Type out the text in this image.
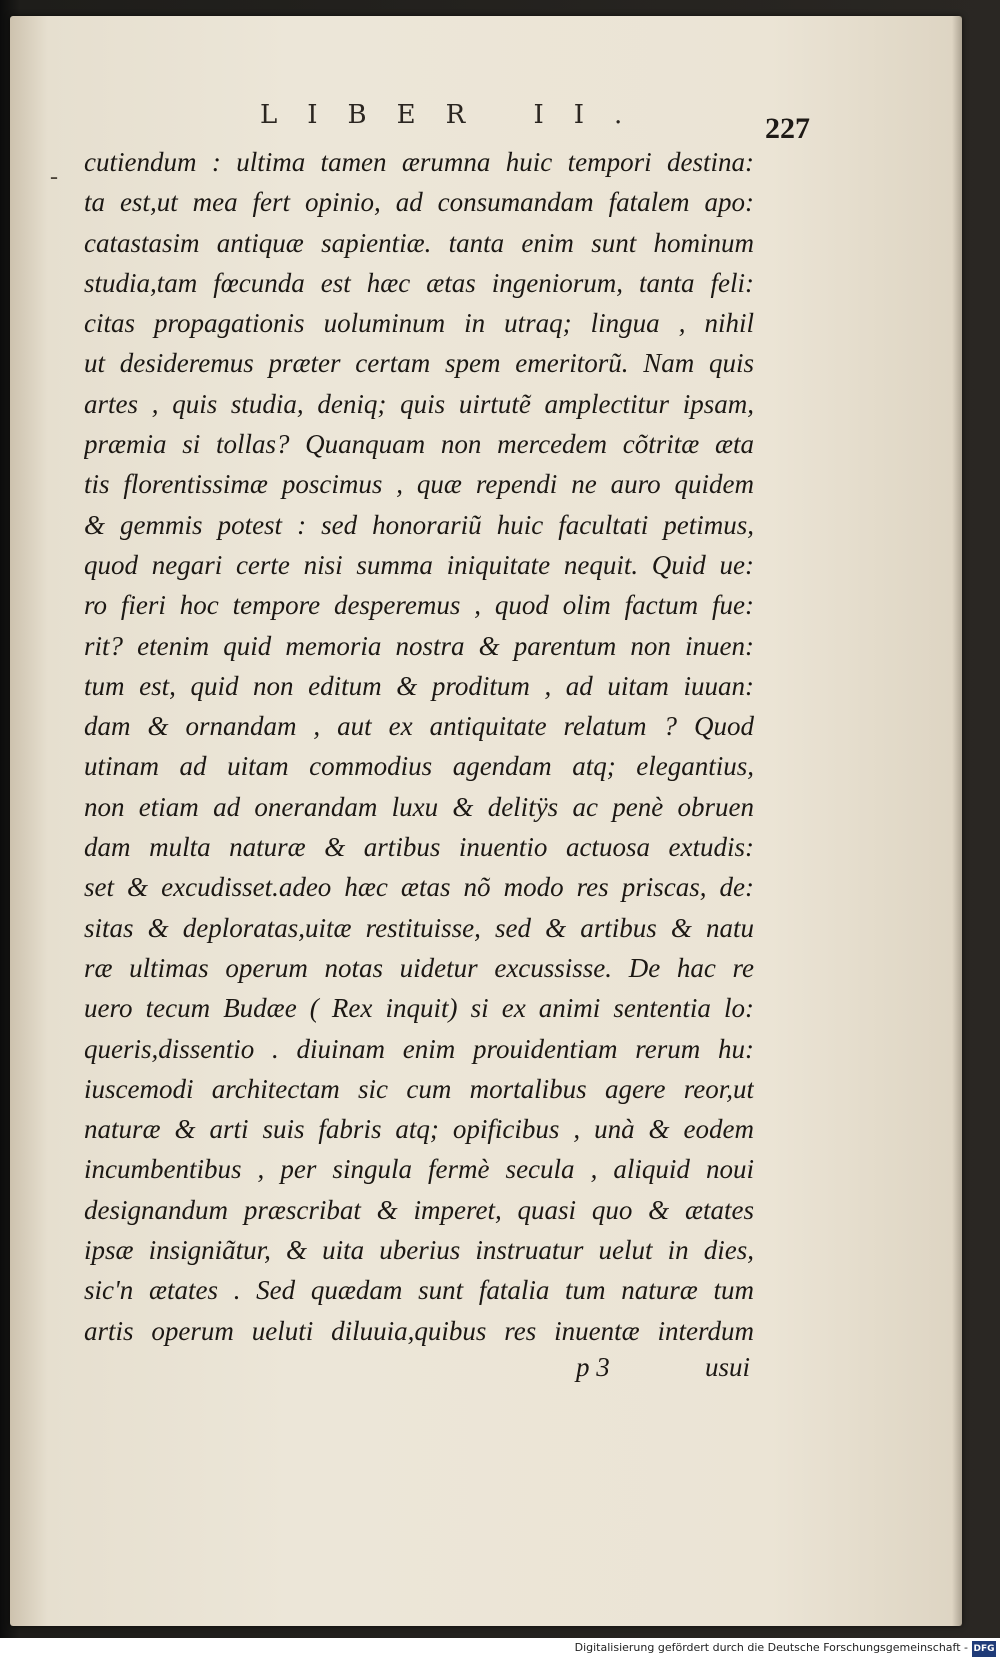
LIBER II.	227
- cutiendum : ultima tamen ærumna huic tempori destina:
ta est,ut mea fert opinio, ad consumandam fatalem apo:
catastasim antiquæ sapientiæ. tanta enim sunt hominum
studia,tam fœcunda est hæc ætas ingeniorum, tanta feli:
citas propagationis uoluminum in utraq; lingua , nihil
ut desideremus præter certam spem emeritorũ. Nam quis
artes , quis studia, deniq; quis uirtutẽ amplectitur ipsam,
præmia si tollas? Quanquam non mercedem cõtritæ æta
tis florentissimæ poscimus , quæ rependi ne auro quidem
& gemmis potest : sed honorariũ huic facultati petimus,
quod negari certe nisi summa iniquitate nequit. Quid ue:
ro fieri hoc tempore desperemus , quod olim factum fue:
rit? etenim quid memoria nostra & parentum non inuen:
tum est, quid non editum & proditum , ad uitam iuuan:
dam & ornandam , aut ex antiquitate relatum ? Quod
utinam ad uitam commodius agendam atq; elegantius,
non etiam ad onerandam luxu & delitÿs ac penè obruen
dam multa naturæ & artibus inuentio actuosa extudis:
set & excudisset.adeo hæc ætas nõ modo res priscas, de:
sitas & deploratas,uitæ restituisse, sed & artibus & natu
ræ ultimas operum notas uidetur excussisse. De hac re
uero tecum Budæe ( Rex inquit) si ex animi sententia lo:
queris,dissentio . diuinam enim prouidentiam rerum hu:
iuscemodi architectam sic cum mortalibus agere reor,ut
naturæ & arti suis fabris atq; opificibus , unà & eodem
incumbentibus , per singula fermè secula , aliquid noui
designandum præscribat & imperet, quasi quo & ætates
ipsæ insigniãtur, & uita uberius instruatur uelut in dies,
sic'n ætates . Sed quædam sunt fatalia tum naturæ tum
artis operum ueluti diluuia,quibus res inuentæ interdum
p 3	usui
Digitalisierung gefördert durch die Deutsche Forschungsgemeinschaft - DFG
